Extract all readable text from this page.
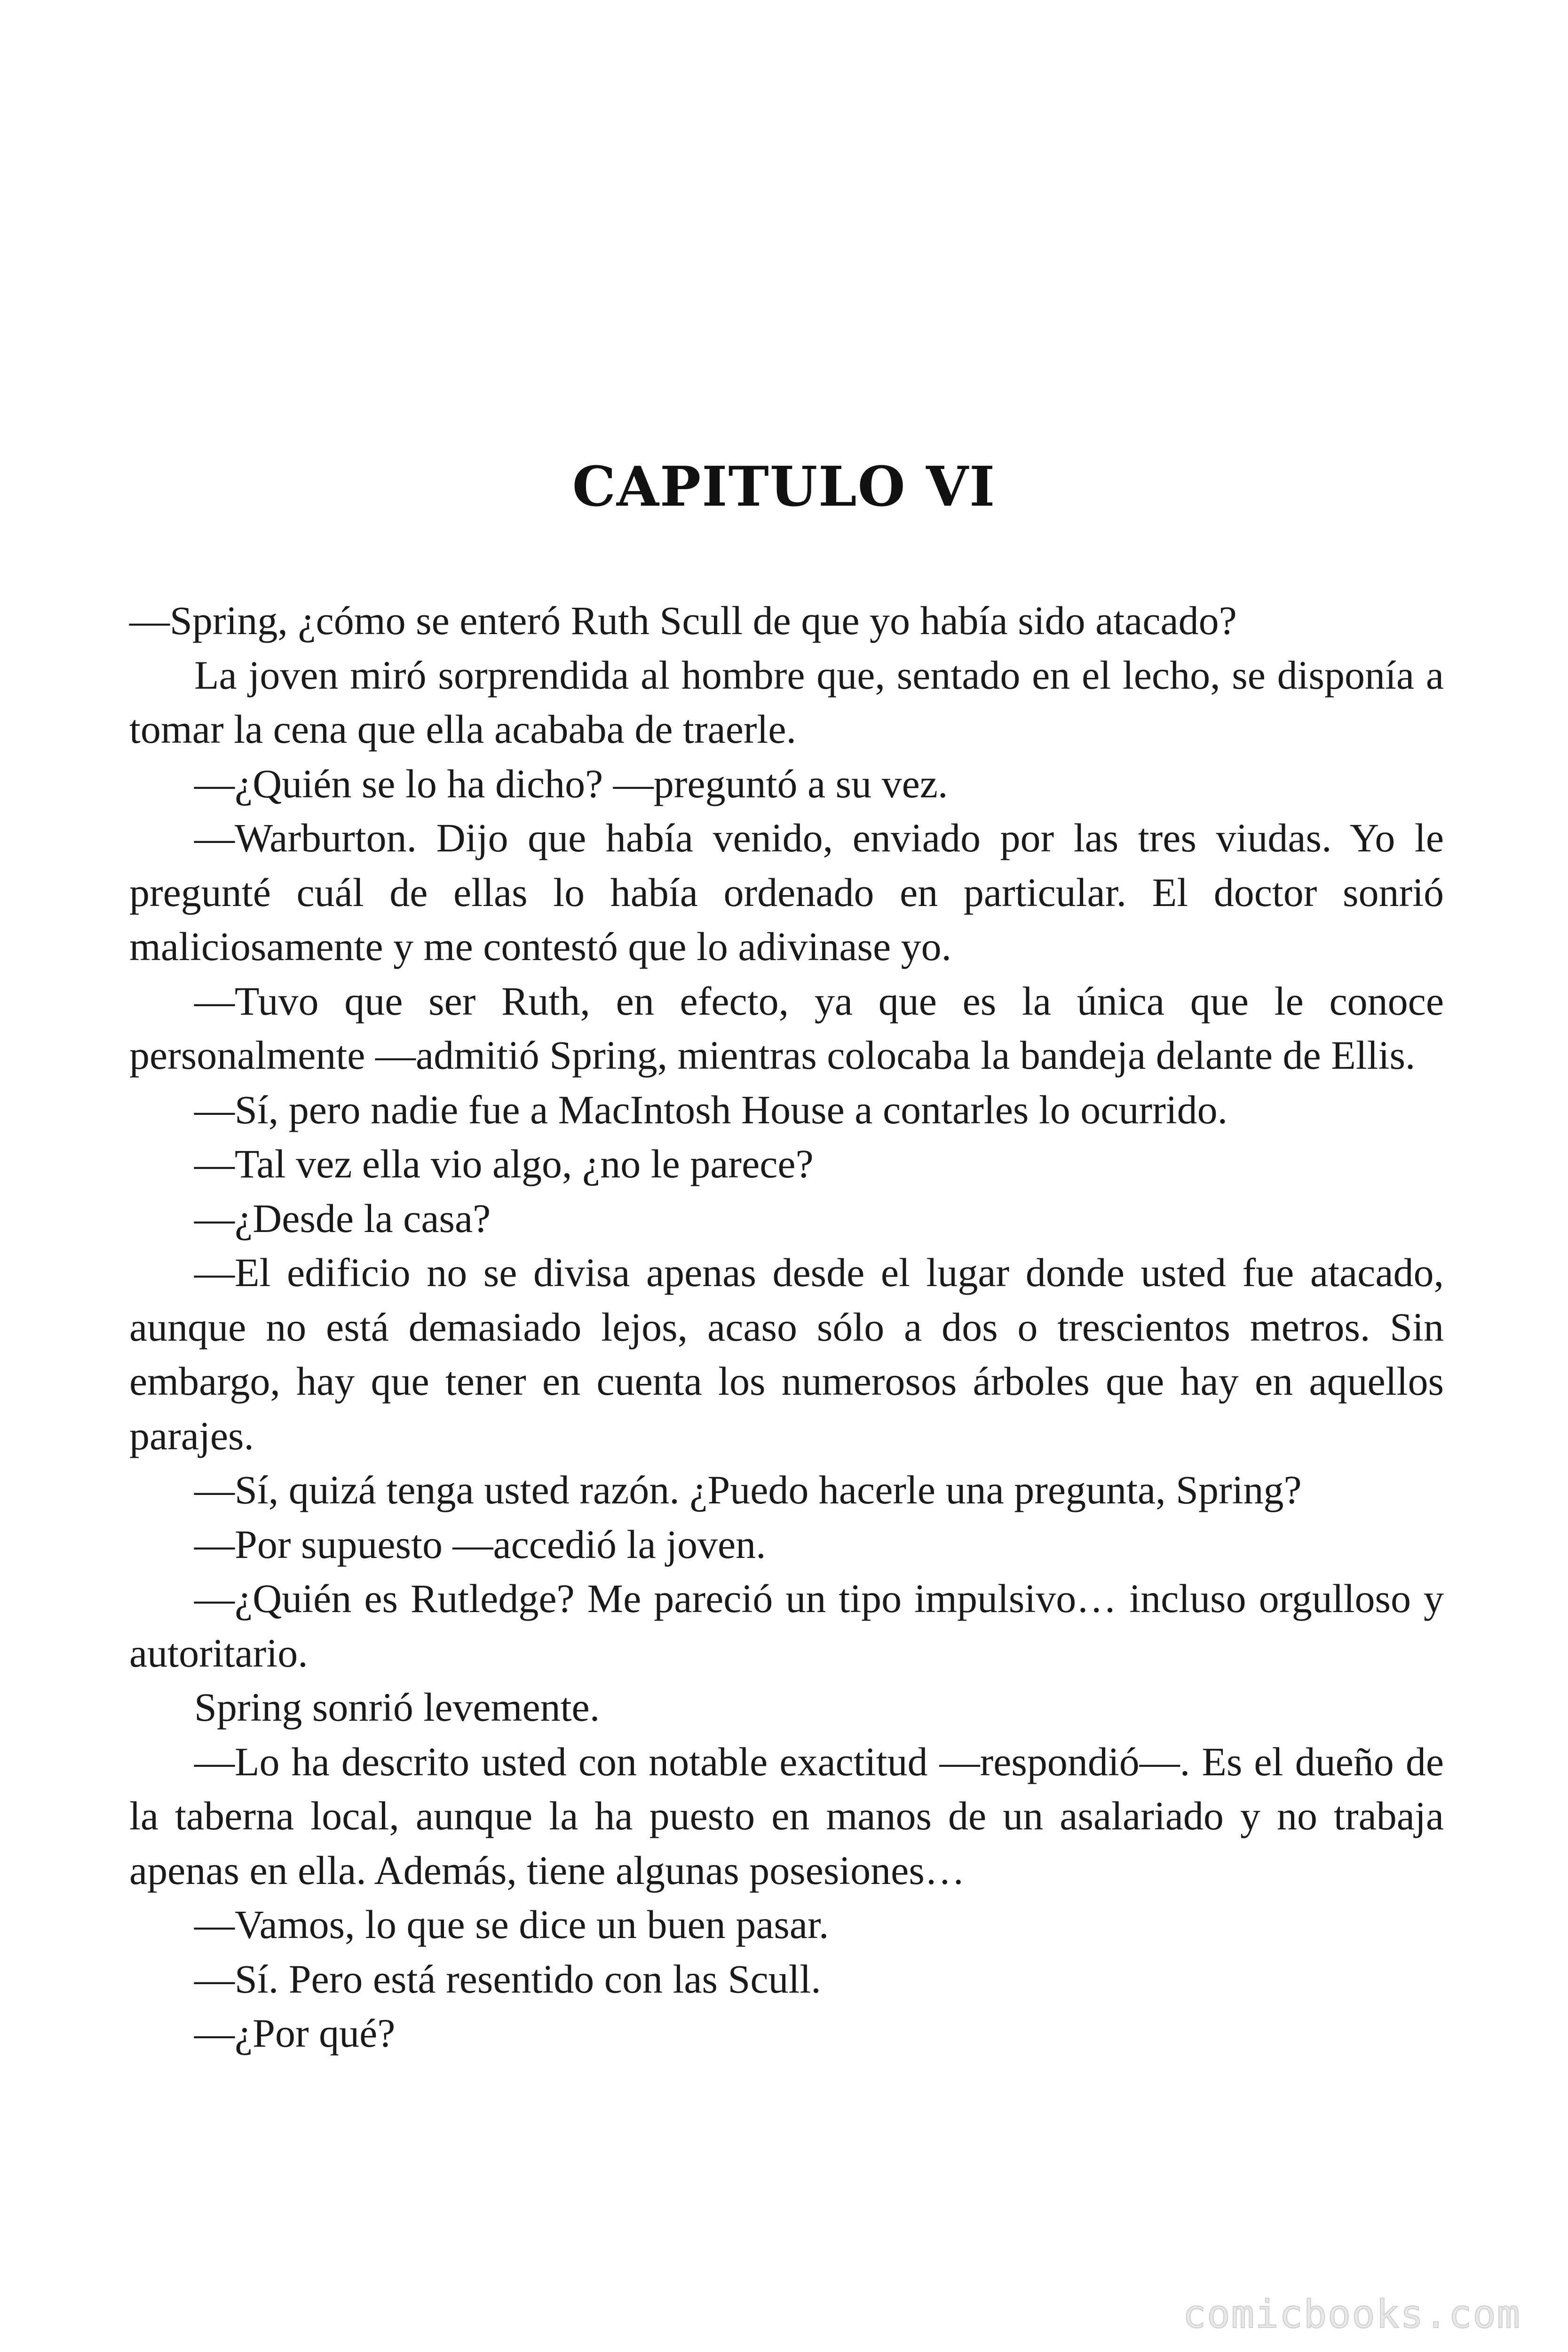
CAPITULO VI

—Spring, ¿cómo se enteró Ruth Scull de que yo había sido atacado?

La joven miró sorprendida al hombre que, sentado en el lecho, se disponía a tomar la cena que ella acababa de traerle.

—¿Quién se lo ha dicho? —preguntó a su vez.

—Warburton. Dijo que había venido, enviado por las tres viudas. Yo le pregunté cuál de ellas lo había ordenado en particular. El doctor sonrió maliciosamente y me contestó que lo adivinase yo.

—Tuvo que ser Ruth, en efecto, ya que es la única que le conoce personalmente —admitió Spring, mientras colocaba la bandeja delante de Ellis.

—Sí, pero nadie fue a MacIntosh House a contarles lo ocurrido.

—Tal vez ella vio algo, ¿no le parece?

—¿Desde la casa?

—El edificio no se divisa apenas desde el lugar donde usted fue atacado, aunque no está demasiado lejos, acaso sólo a dos o trescientos metros. Sin embargo, hay que tener en cuenta los numerosos árboles que hay en aquellos parajes.

—Sí, quizá tenga usted razón. ¿Puedo hacerle una pregunta, Spring?

—Por supuesto —accedió la joven.

—¿Quién es Rutledge? Me pareció un tipo impulsivo… incluso orgulloso y autoritario.

Spring sonrió levemente.

—Lo ha descrito usted con notable exactitud —respondió—. Es el dueño de la taberna local, aunque la ha puesto en manos de un asalariado y no trabaja apenas en ella. Además, tiene algunas posesiones…

—Vamos, lo que se dice un buen pasar.

—Sí. Pero está resentido con las Scull.

—¿Por qué?

comicbooks.com
